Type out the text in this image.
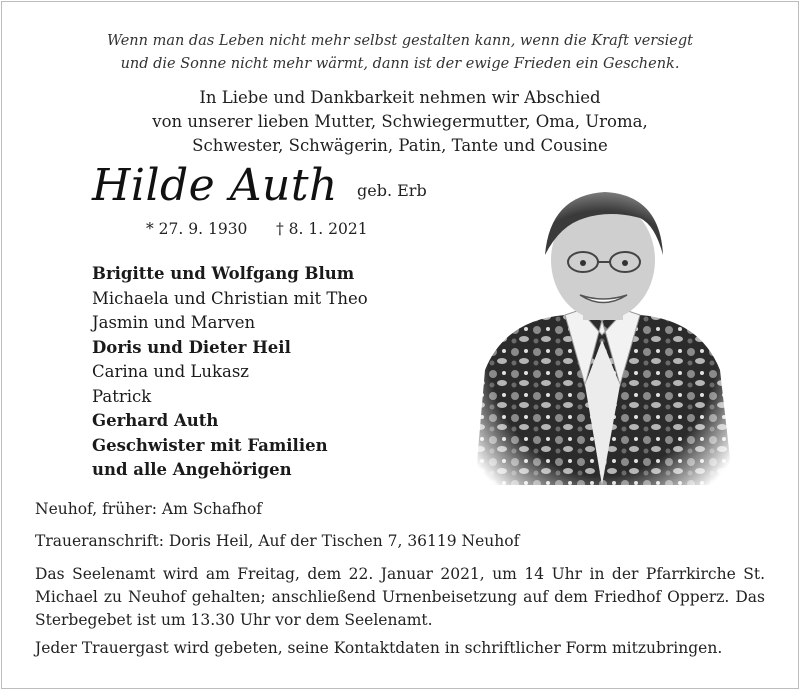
Wenn man das Leben nicht mehr selbst gestalten kann, wenn die Kraft versiegt
und die Sonne nicht mehr wärmt, dann ist der ewige Frieden ein Geschenk.
In Liebe und Dankbarkeit nehmen wir Abschied
von unserer lieben Mutter, Schwiegermutter, Oma, Uroma,
Schwester, Schwägerin, Patin, Tante und Cousine
Hilde Auth geb. Erb
* 27. 9. 1930 † 8. 1. 2021
Brigitte und Wolfgang Blum
Michaela und Christian mit Theo
Jasmin und Marven
Doris und Dieter Heil
Carina und Lukasz
Patrick
Gerhard Auth
Geschwister mit Familien
und alle Angehörigen
Neuhof, früher: Am Schafhof
Traueranschrift: Doris Heil, Auf der Tischen 7, 36119 Neuhof
Das Seelenamt wird am Freitag, dem 22. Januar 2021, um 14 Uhr in der Pfarrkirche St. Michael zu Neuhof gehalten; anschließend Urnenbeisetzung auf dem Friedhof Opperz. Das Sterbegebet ist um 13.30 Uhr vor dem Seelenamt.
Jeder Trauergast wird gebeten, seine Kontaktdaten in schriftlicher Form mitzubringen.
